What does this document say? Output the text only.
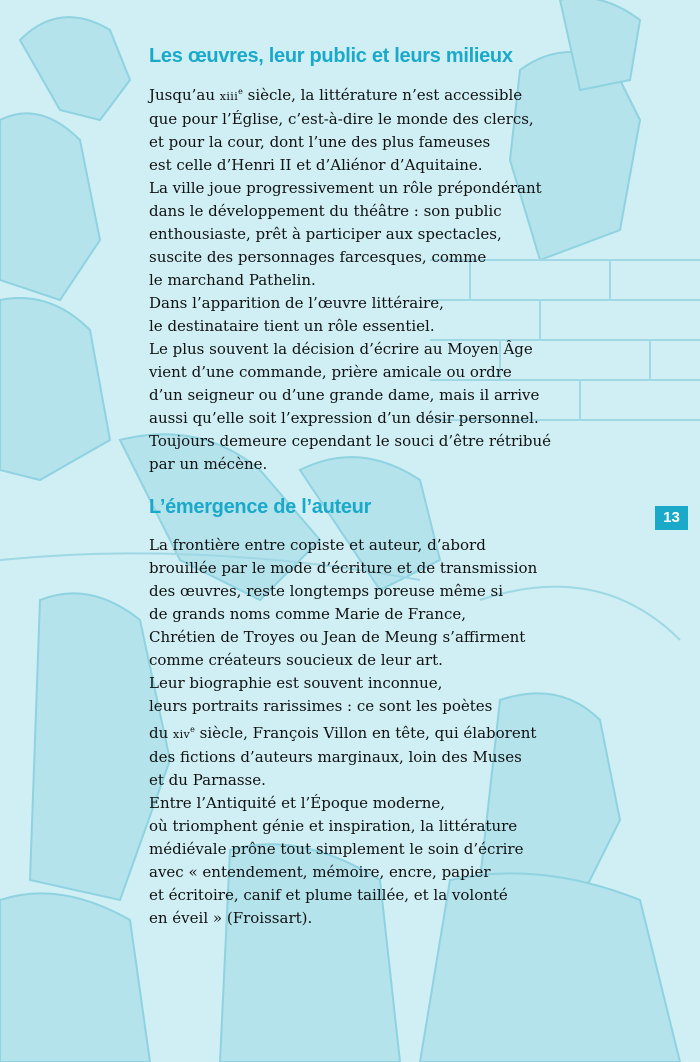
Les œuvres, leur public et leurs milieux
Jusqu’au xiii$^e$ siècle, la littérature n’est accessible
que pour l’Église, c’est-à-dire le monde des clercs,
et pour la cour, dont l’une des plus fameuses
est celle d’Henri II et d’Aliénor d’Aquitaine.
La ville joue progressivement un rôle prépondérant
dans le développement du théâtre : son public
enthousiaste, prêt à participer aux spectacles,
suscite des personnages farcesques, comme
le marchand Pathelin.
Dans l’apparition de l’œuvre littéraire,
le destinataire tient un rôle essentiel.
Le plus souvent la décision d’écrire au Moyen Âge
vient d’une commande, prière amicale ou ordre
d’un seigneur ou d’une grande dame, mais il arrive
aussi qu’elle soit l’expression d’un désir personnel.
Toujours demeure cependant le souci d’être rétribué
par un mécène.
L’émergence de l’auteur
La frontière entre copiste et auteur, d’abord
brouillée par le mode d’écriture et de transmission
des œuvres, reste longtemps poreuse même si
de grands noms comme Marie de France,
Chrétien de Troyes ou Jean de Meung s’affirment
comme créateurs soucieux de leur art.
Leur biographie est souvent inconnue,
leurs portraits rarissimes : ce sont les poètes
du xiv$^e$ siècle, François Villon en tête, qui élaborent
des fictions d’auteurs marginaux, loin des Muses
et du Parnasse.
Entre l’Antiquité et l’Époque moderne,
où triomphent génie et inspiration, la littérature
médiévale prône tout simplement le soin d’écrire
avec « entendement, mémoire, encre, papier
et écritoire, canif et plume taillée, et la volonté
en éveil » (Froissart).
13
